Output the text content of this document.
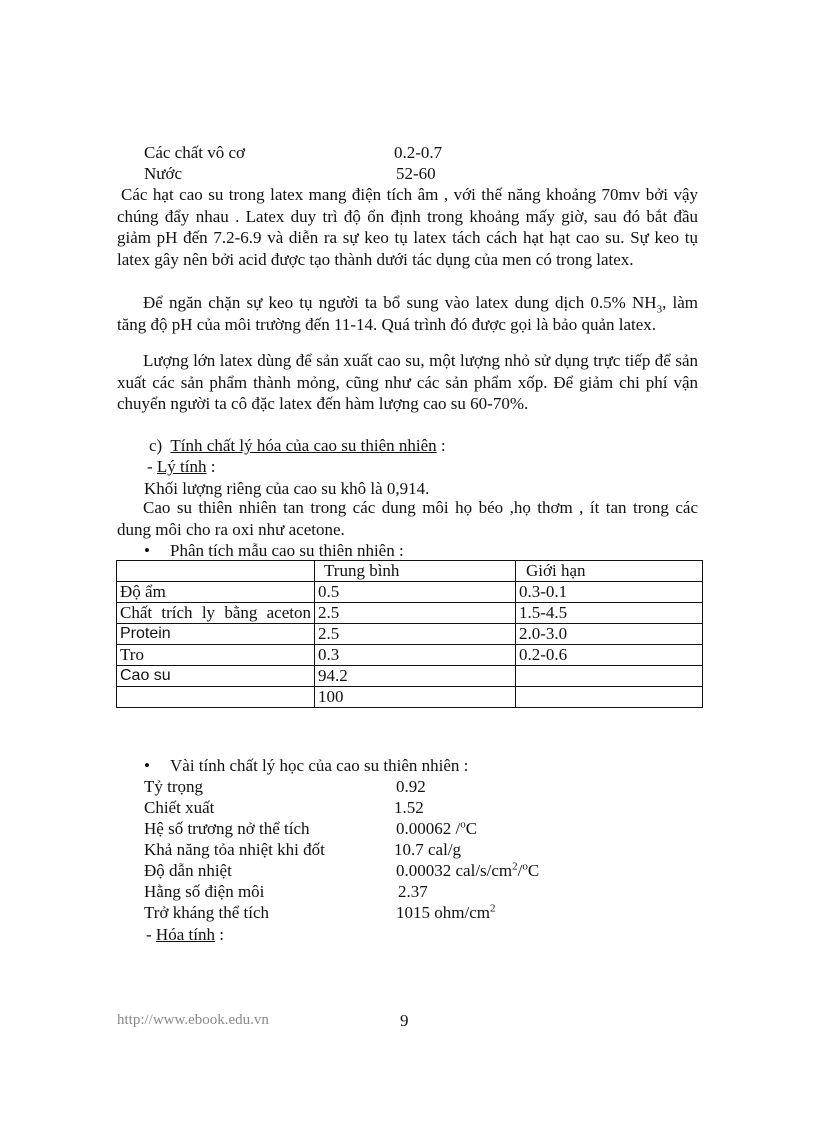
Các chất vô cơ	0.2-0.7
Nước	52-60

Các hạt cao su trong latex mang điện tích âm , với thế năng khoảng 70mv bởi vậy chúng đẩy nhau . Latex duy trì độ ổn định trong khoảng mấy giờ, sau đó bắt đầu giảm pH đến 7.2-6.9 và diễn ra sự keo tụ latex tách cách hạt hạt cao su. Sự keo tụ latex gây nên bởi acid được tạo thành dưới tác dụng của men có trong latex.

Để ngăn chặn sự keo tụ người ta bổ sung vào latex dung dịch 0.5% $NH_3$, làm tăng độ pH của môi trường đến 11-14. Quá trình đó được gọi là bảo quản latex.

Lượng lớn latex dùng để sản xuất cao su, một lượng nhỏ sử dụng trực tiếp để sản xuất các sản phẩm thành mỏng, cũng như các sản phẩm xốp. Để giảm chi phí vận chuyển người ta cô đặc latex đến hàm lượng cao su 60-70%.

c) Tính chất lý hóa của cao su thiên nhiên :
- Lý tính :
Khối lượng riêng của cao su khô là 0,914.

Cao su thiên nhiên tan trong các dung môi họ béo ,họ thơm , ít tan trong các dung môi cho ra oxi như acetone.

• Phân tích mẫu cao su thiên nhiên :
	Trung bình	Giới hạn
Độ ẩm	0.5	0.3-0.1

Chất trích ly bằng aceton	2.5	1.5-4.5
Protein	2.5	2.0-3.0
Tro	0.3	0.2-0.6
Cao su	94.2	
	100	
• Vài tính chất lý học của cao su thiên nhiên :
Tỷ trọng	0.92
Chiết xuất	1.52
Hệ số trương nở thể tích	0.00062 /$^o$C
Khả năng tỏa nhiệt khi đốt	10.7 cal/g
Độ dẫn nhiệt	0.00032 cal/$s/cm^2/^oC$
Hằng số điện môi	2.37
Trở kháng thể tích	1015 ohm/$cm^2$
- Hóa tính :
http://www.ebook.edu.vn	9
